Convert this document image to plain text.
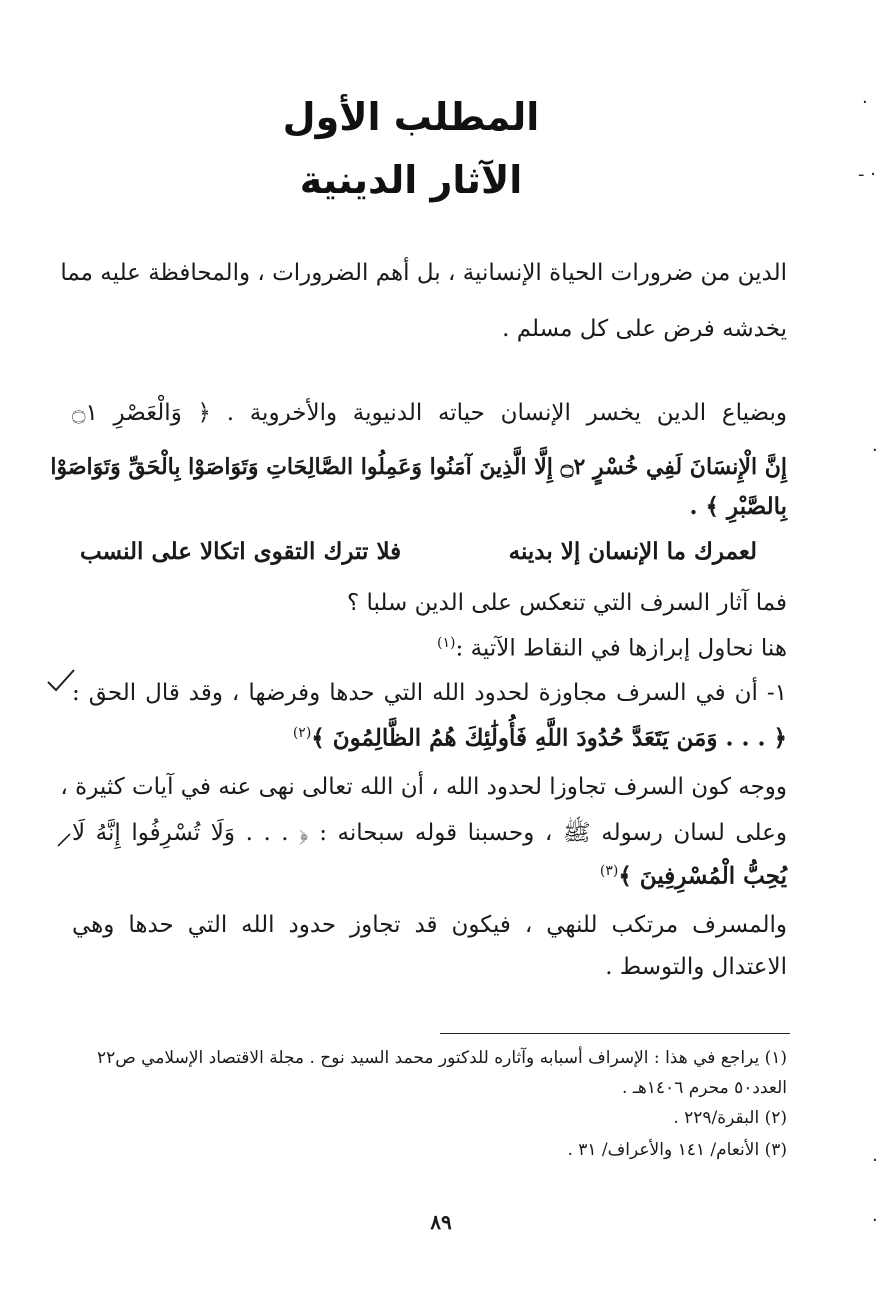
المطلب الأول
الآثار الدينية
الدين من ضرورات الحياة الإنسانية ، بل أهم الضرورات ، والمحافظة عليه مما
يخدشه فرض على كل مسلم .
وبضياع الدين يخسر الإنسان حياته الدنيوية والأخروية . ﴿ وَالْعَصْرِ ۝١
إِنَّ الْإِنسَانَ لَفِي خُسْرٍ ۝٢ إِلَّا الَّذِينَ آمَنُوا وَعَمِلُوا الصَّالِحَاتِ وَتَوَاصَوْا بِالْحَقِّ وَتَوَاصَوْا
بِالصَّبْرِ ﴾ .
لعمرك ما الإنسان إلا بدينه
فلا تترك التقوى اتكالا على النسب
فما آثار السرف التي تنعكس على الدين سلبا ؟
هنا نحاول إبرازها في النقاط الآتية :$^{(١)}$
١- أن في السرف مجاوزة لحدود الله التي حدها وفرضها ، وقد قال الحق :
﴿ . . . وَمَن يَتَعَدَّ حُدُودَ اللَّهِ فَأُولَٰئِكَ هُمُ الظَّالِمُونَ ﴾$^{(٢)}$
ووجه كون السرف تجاوزا لحدود الله ، أن الله تعالى نهى عنه في آيات كثيرة ،
وعلى لسان رسوله ﷺ ، وحسبنا قوله سبحانه : ﴿ . . . وَلَا تُسْرِفُوا إِنَّهُ لَا
يُحِبُّ الْمُسْرِفِينَ ﴾$^{(٣)}$
والمسرف مرتكب للنهي ، فيكون قد تجاوز حدود الله التي حدها وهي
الاعتدال والتوسط .
(١) يراجع في هذا : الإسراف أسبابه وآثاره للدكتور محمد السيد نوح . مجلة الاقتصاد الإسلامي ص٢٢
العدد٥٠ محرم ١٤٠٦هـ .
(٢) البقرة/٢٢٩ .
(٣) الأنعام/ ١٤١ والأعراف/ ٣١ .
٨٩
·
- ·
·
·
·
